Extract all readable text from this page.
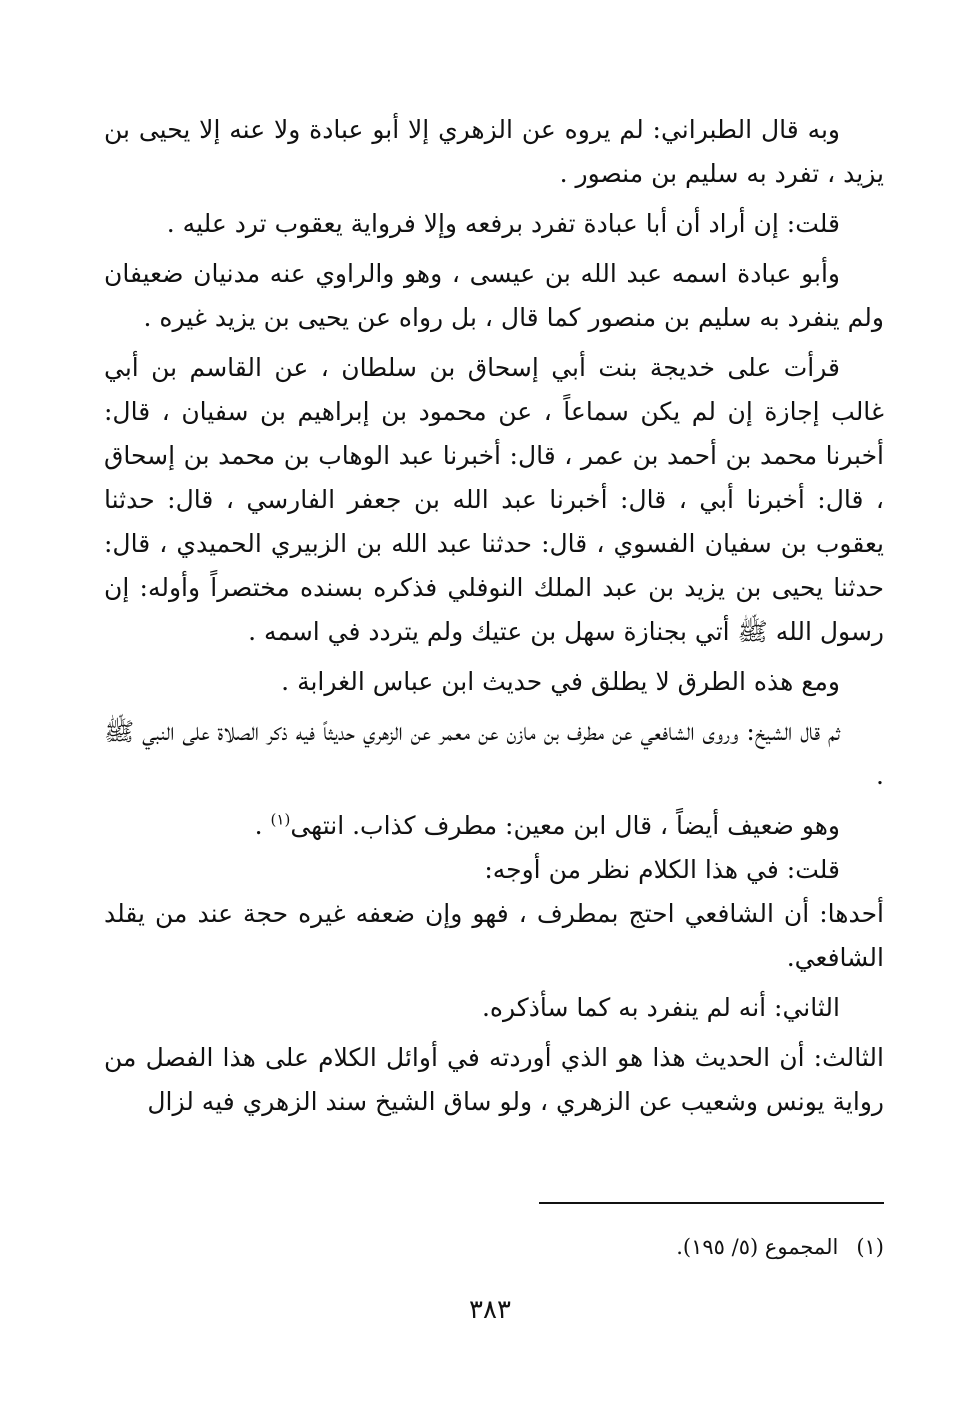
وبه قال الطبراني: لم يروه عن الزهري إلا أبو عبادة ولا عنه إلا يحيى بن يزيد ، تفرد به سليم بن منصور .

قلت: إن أراد أن أبا عبادة تفرد برفعه وإلا فرواية يعقوب ترد عليه .

وأبو عبادة اسمه عبد الله بن عيسى ، وهو والراوي عنه مدنيان ضعيفان ولم ينفرد به سليم بن منصور كما قال ، بل رواه عن يحيى بن يزيد غيره .

قرأت على خديجة بنت أبي إسحاق بن سلطان ، عن القاسم بن أبي غالب إجازة إن لم يكن سماعاً ، عن محمود بن إبراهيم بن سفيان ، قال: أخبرنا محمد بن أحمد بن عمر ، قال: أخبرنا عبد الوهاب بن محمد بن إسحاق ، قال: أخبرنا أبي ، قال: أخبرنا عبد الله بن جعفر الفارسي ، قال: حدثنا يعقوب بن سفيان الفسوي ، قال: حدثنا عبد الله بن الزبيري الحميدي ، قال: حدثنا يحيى بن يزيد بن عبد الملك النوفلي فذكره بسنده مختصراً وأوله: إن رسول الله ﷺ أتي بجنازة سهل بن عتيك ولم يتردد في اسمه .

ومع هذه الطرق لا يطلق في حديث ابن عباس الغرابة .

ثم قال الشيخ: وروى الشافعي عن مطرف بن مازن عن معمر عن الزهري حديثاً فيه ذكر الصلاة على النبي ﷺ .

وهو ضعيف أيضاً ، قال ابن معين: مطرف كذاب. انتهى$^{(١)}$ .

قلت: في هذا الكلام نظر من أوجه:

أحدها: أن الشافعي احتج بمطرف ، فهو وإن ضعفه غيره حجة عند من يقلد الشافعي.

الثاني: أنه لم ينفرد به كما سأذكره.

الثالث: أن الحديث هذا هو الذي أوردته في أوائل الكلام على هذا الفصل من رواية يونس وشعيب عن الزهري ، ولو ساق الشيخ سند الزهري فيه لزال

(١)المجموع (٥/ ١٩٥).
٣٨٣
